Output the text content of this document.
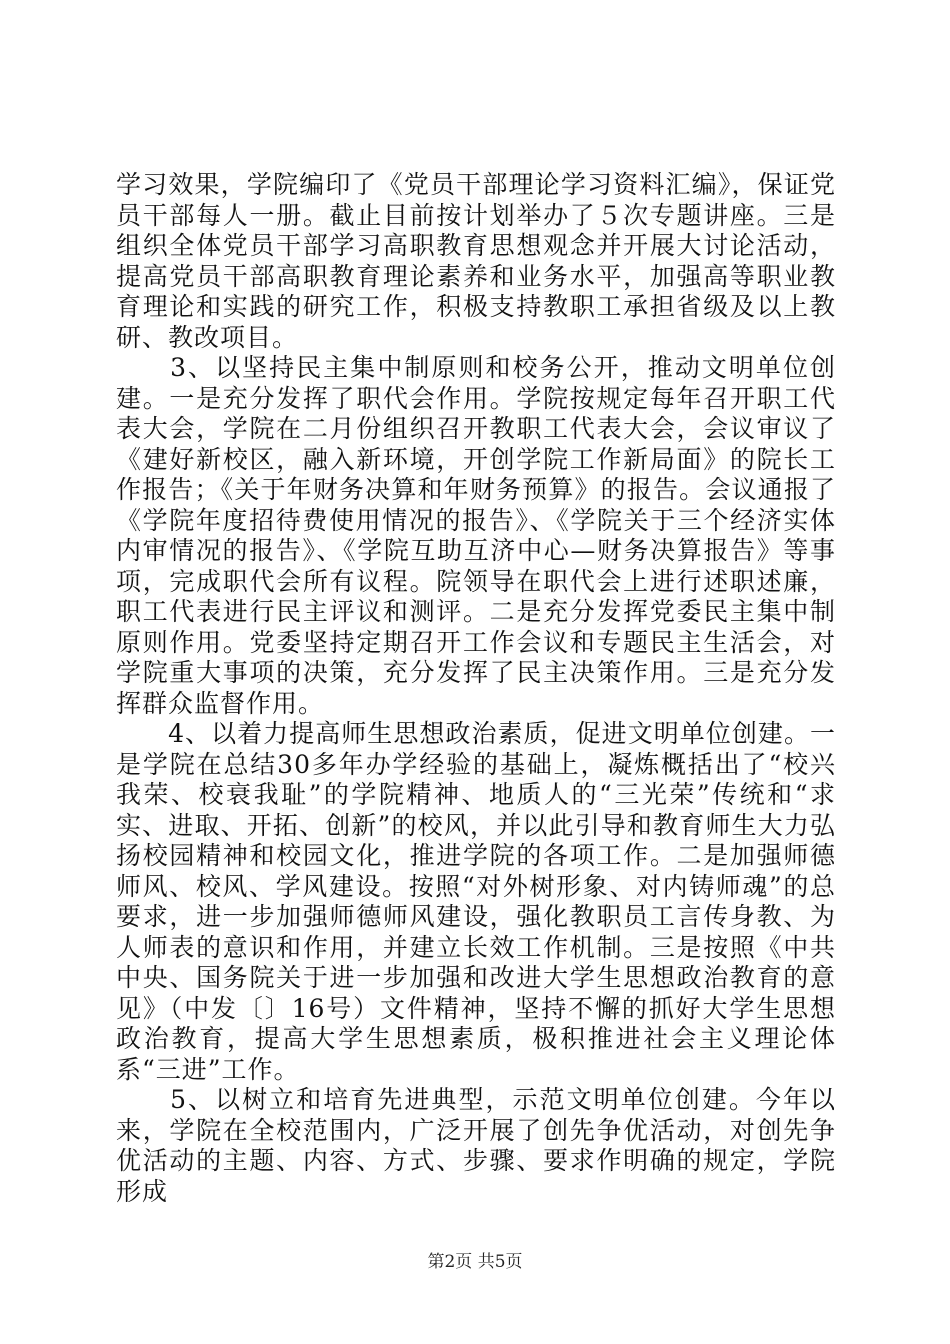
学习效果，学院编印了《党员干部理论学习资料汇编》，保证党员干部每人一册。截止目前按计划举办了５次专题讲座。三是组织全体党员干部学习高职教育思想观念并开展大讨论活动，提高党员干部高职教育理论素养和业务水平，加强高等职业教育理论和实践的研究工作，积极支持教职工承担省级及以上教研、教改项目。

　　3、以坚持民主集中制原则和校务公开，推动文明单位创建。一是充分发挥了职代会作用。学院按规定每年召开职工代表大会，学院在二月份组织召开教职工代表大会，会议审议了《建好新校区，融入新环境，开创学院工作新局面》的院长工作报告；《关于年财务决算和年财务预算》的报告。会议通报了《学院年度招待费使用情况的报告》、《学院关于三个经济实体内审情况的报告》、《学院互助互济中心—财务决算报告》等事项，完成职代会所有议程。院领导在职代会上进行述职述廉，职工代表进行民主评议和测评。二是充分发挥党委民主集中制原则作用。党委坚持定期召开工作会议和专题民主生活会，对学院重大事项的决策，充分发挥了民主决策作用。三是充分发挥群众监督作用。

　　4、以着力提高师生思想政治素质，促进文明单位创建。一是学院在总结30多年办学经验的基础上，凝炼概括出了“校兴我荣、校衰我耻”的学院精神、地质人的“三光荣”传统和“求实、进取、开拓、创新”的校风，并以此引导和教育师生大力弘扬校园精神和校园文化，推进学院的各项工作。二是加强师德师风、校风、学风建设。按照“对外树形象、对内铸师魂”的总要求，进一步加强师德师风建设，强化教职员工言传身教、为人师表的意识和作用，并建立长效工作机制。三是按照《中共中央、国务院关于进一步加强和改进大学生思想政治教育的意见》（中发〔〕16号）文件精神，坚持不懈的抓好大学生思想政治教育，提高大学生思想素质，极积推进社会主义理论体系“三进”工作。

　　5、以树立和培育先进典型，示范文明单位创建。今年以来，学院在全校范围内，广泛开展了创先争优活动，对创先争优活动的主题、内容、方式、步骤、要求作明确的规定，学院形成

第2页 共5页
